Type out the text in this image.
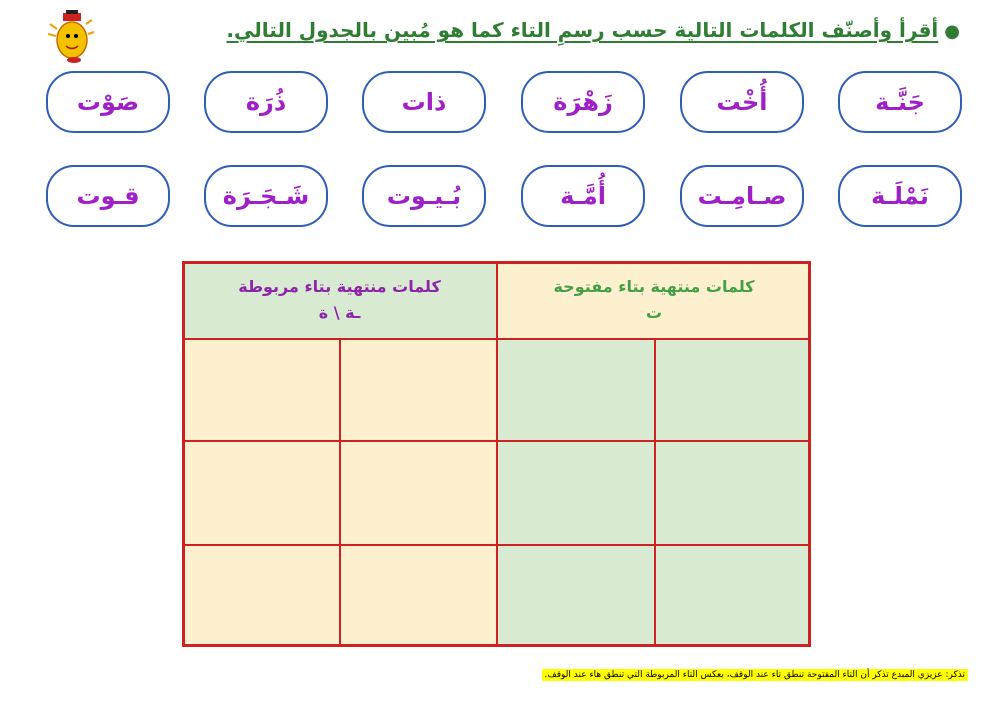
●أقرأ وأصنّف الكلمات التالية حسب رسمِ التاء كما هو مُبين بالجدول التالي.
جَنَّـة
أُخْت
زَهْرَة
ذات
ذُرَة
صَوْت
نَمْلَـة
صـامِـت
أُمَّـة
بُـيـوت
شَـجَـرَة
قـوت
كلمات منتهية بتاء مربوطة
ـة \ ة
كلمات منتهية بتاء مفتوحة
ت
تذكر: عزيزي المبدع تذكر أن التاء المفتوحة تنطق تاء عند الوقف، بعكس التاء المربوطة التي تنطق هاء عند الوقف.
